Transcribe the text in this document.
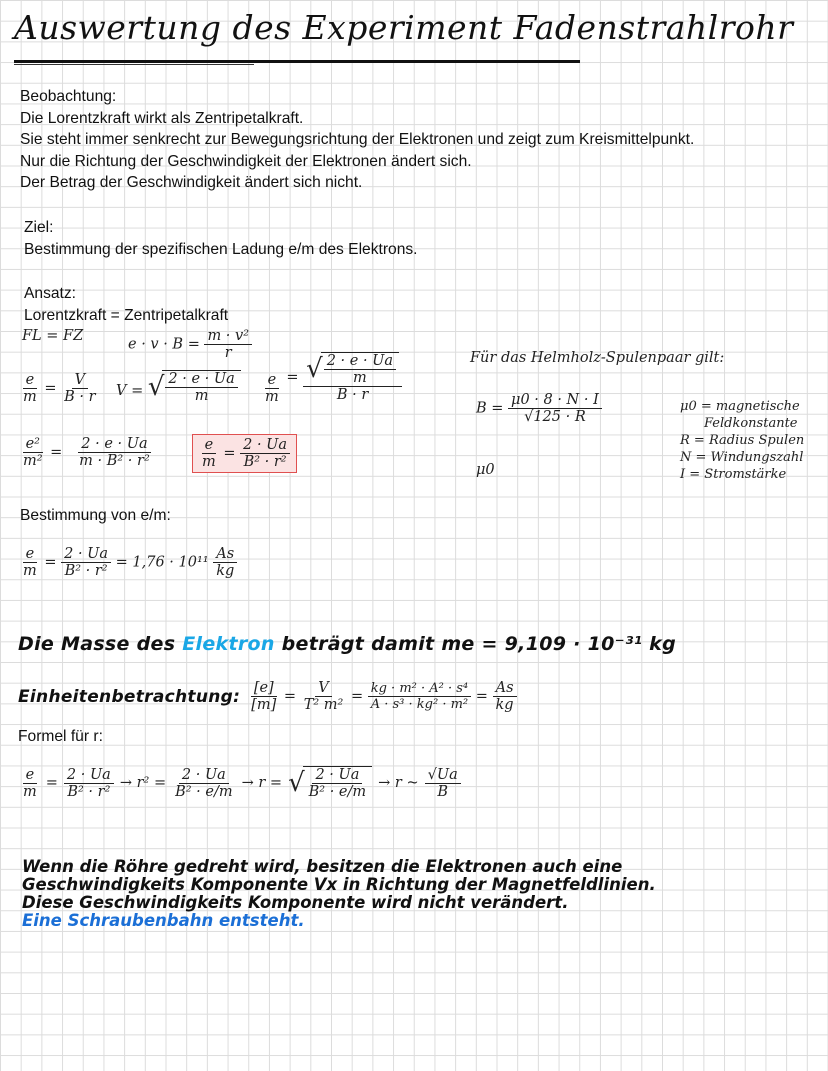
Auswertung des Experiment Fadenstrahlrohr
Beobachtung:
Die Lorentzkraft wirkt als Zentripetalkraft.
Sie steht immer senkrecht zur Bewegungsrichtung der Elektronen und zeigt zum Kreismittelpunkt.
Nur die Richtung der Geschwindigkeit der Elektronen ändert sich.
Der Betrag der Geschwindigkeit ändert sich nicht.
Ziel:
Bestimmung der spezifischen Ladung e/m des Elektrons.
Ansatz:
Lorentzkraft = Zentripetalkraft
FL = FZ
$e \cdot v \cdot B = \frac{\text{m · v²}}{r}$
$\frac{e}{m} = \frac{V}{B \cdot r}$ V = √
$\frac{2 \cdot e \cdot Ua}{m} \frac{e}{m}$ = √
$\frac{2 \cdot e \cdot Ua}{m}$
B · r
$\frac{\text{e²}}{\text{m²}} = \frac{2 \cdot e \cdot Ua}{\text{m · B² · r²}}$	$\frac{e}{m} = \frac{2 \cdot Ua}{\text{B² · r²}}$
Für das Helmholz-Spulenpaar gilt:
$B = \frac{\mu 0 \cdot 8 \cdot N \cdot I}{√125 \cdot R}$
μ0
μ0 = magnetische
Feldkonstante
R = Radius Spulen
N = Windungszahl
I = Stromstärke
Bestimmung von e/m:
$\frac{e}{m} = \frac{2 \cdot Ua}{\text{B² · r²}} = 1,76 \cdot 10^{11} \frac{As}{kg}$
Die Masse des Elektron beträgt damit me = 9,109 · 10⁻³¹ kg
Einheitenbetrachtung: $\frac{[e]}{[m]} = \frac{V}{\text{T² m²}} = \frac{\text{kg · m² · A² · s⁴}}{\text{A · s³ · kg² · m²}} = \frac{As}{kg}$
Formel für r:
$\frac{e}{m} = \frac{2 \cdot Ua}{\text{B² · r²}} \to r^2 = \frac{2 \cdot Ua}{\text{B² · e/m}} \to r$ = √
$\frac{2 \cdot Ua}{\text{B² · e/m}} \to r$ ~ $\frac{√Ua}{B}$
Wenn die Röhre gedreht wird, besitzen die Elektronen auch eine
Geschwindigkeits Komponente Vx in Richtung der Magnetfeldlinien.
Diese Geschwindigkeits Komponente wird nicht verändert.
Eine Schraubenbahn entsteht.
